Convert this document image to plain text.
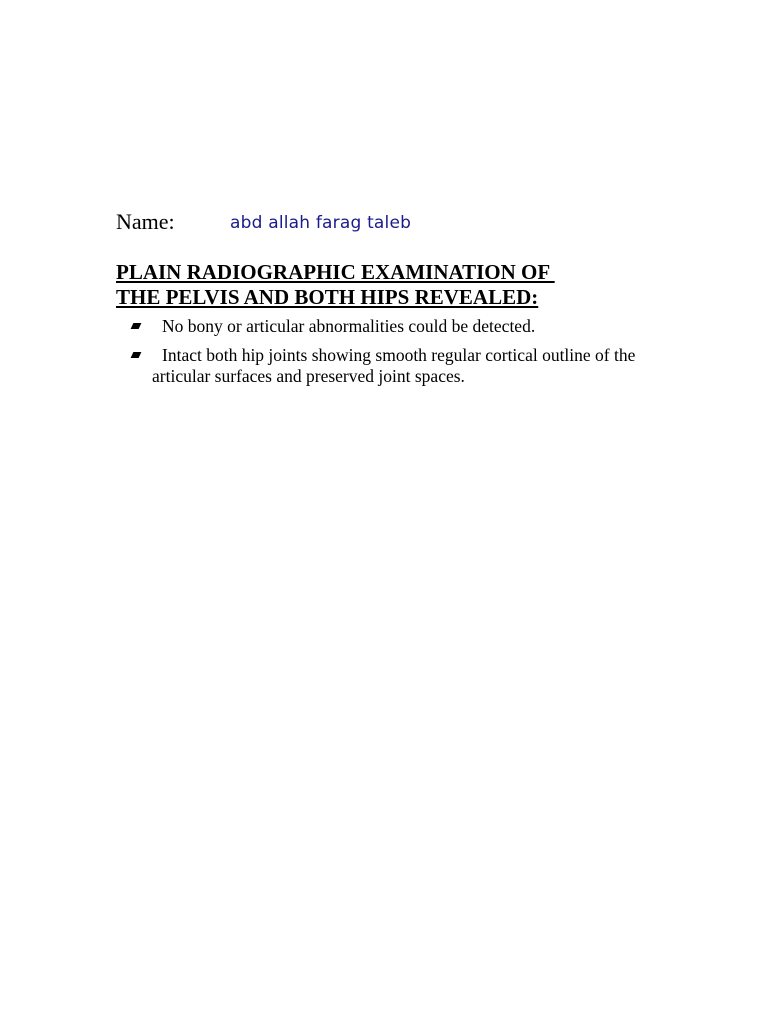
Name:	abd allah farag taleb
PLAIN RADIOGRAPHIC EXAMINATION OF
THE PELVIS AND BOTH HIPS REVEALED:
No bony or articular abnormalities could be detected.
Intact both hip joints showing smooth regular cortical outline of the articular surfaces and preserved joint spaces.
